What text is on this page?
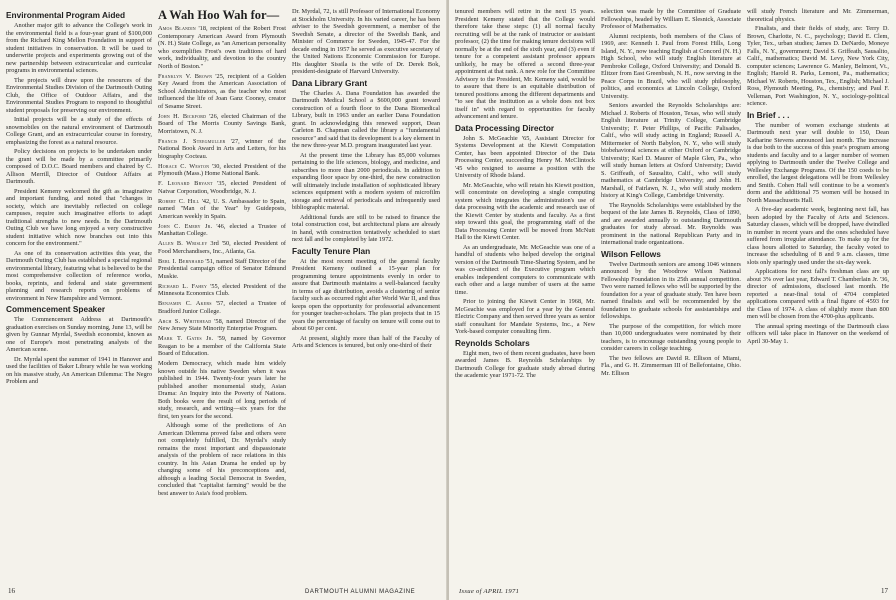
Environmental Program Aided

Another major gift to advance the College's work in the environmental field is a four-year grant of $100,000 from the Richard King Mellon Foundation in support of student initiatives in conservation. It will be used to underwrite projects and experiments growing out of the new partnership between extracurricular and curricular programs in environmental sciences.

The projects will draw upon the resources of the Environmental Studies Division of the Dartmouth Outing Club, the Office of Outdoor Affairs, and the Environmental Studies Program to respond to thoughtful student proposals for preserving our environment.

Initial projects will be a study of the effects of snowmobiles on the natural environment of Dartmouth College Grant, and an extracurricular course in forestry, emphasizing the forest as a natural resource.

Policy decisions on projects to be undertaken under the grant will be made by a committee primarily composed of D.O.C. Board members and chaired by C. Allison Merrill, Director of Outdoor Affairs at Dartmouth.

President Kemeny welcomed the gift as imaginative and important funding, and noted that "changes in society, which are inevitably reflected on college campuses, require such imaginative efforts to adapt traditional strengths to new needs. In the Dartmouth Outing Club we have long enjoyed a very constructive student initiative which now branches out into this concern for the environment."

As one of its conservation activities this year, the Dartmouth Outing Club has established a special regional environmental library, featuring what is believed to be the most comprehensive collection of reference works, books, reprints, and federal and state government planning and research reports on problems of environment in New Hampshire and Vermont.

Commencement Speaker

The Commencement Address at Dartmouth's graduation exercises on Sunday morning, June 13, will be given by Gunnar Myrdal, Swedish economist, known as one of Europe's most penetrating analysts of the American scene.

Dr. Myrdal spent the summer of 1941 in Hanover and used the facilities of Baker Library while he was working on his massive study, An American Dilemma: The Negro Problem and

A Wah Hoo Wah for—

Amos Blandin '18, recipient of the Robert Frost Contemporary American Award from Plymouth (N. H.) State College, as "an American personality who exemplifies Frost's own traditions of hard work, individuality, and devotion to the country North of Boston."

Franklyn V. Brown '25, recipient of a Golden Key Award from the American Association of School Administrators, as the teacher who most influenced the life of Joan Ganz Cooney, creator of Sesame Street.

John H. Bickford '26, elected Chairman of the Board of The Morris County Savings Bank, Morristown, N. J.

Francis J. Steegmuller '27, winner of the National Book Award in Arts and Letters, for his biography Cocteau.

Horace C. Weston '30, elected President of the Plymouth (Mass.) Home National Bank.

F. Leonard Bryant '35, elected President of Natvar Corporation, Woodbridge, N. J.

Robert C. Hill '42, U. S. Ambassador to Spain, named "Man of the Year" by Guideposts, American weekly in Spain.

John C. Emery Jr. '46, elected a Trustee of Manhattan College.

Allen B. Wrisley 3rd '50, elected President of Food Merchandisers, Inc., Atlanta, Ga.

Berl I. Bernhard '51, named Staff Director of the Presidential campaign office of Senator Edmund Muskie.

Richard L. Fahey '55, elected President of the Minnesota Economics Club.

Benjamin C. Akers '57, elected a Trustee of Bradford Junior College.

Arch S. Whitehead '58, named Director of the New Jersey State Minority Enterprise Program.

Mark T. Gates Jr. '59, named by Governor Reagan to be a member of the California State Board of Education.

Modern Democracy, which made him widely known outside his native Sweden when it was published in 1944. Twenty-four years later he published another monumental study, Asian Drama: An Inquiry into the Poverty of Nations. Both books were the result of long periods of study, research, and writing—six years for the first, ten years for the second.

Although some of the predictions of An American Dilemma proved false and others were not completely fulfilled, Dr. Myrdal's study remains the most important and dispassionate analysis of the problem of race relations in this country. In his Asian Drama he ended up by changing some of his preconceptions and, although a leading Social Democrat in Sweden, concluded that "capitalist farming" would be the best answer to Asia's food problem.

Dr. Myrdal, 72, is still Professor of International Economy at Stockholm University. In his varied career, he has been adviser to the Swedish government, a member of the Swedish Senate, a director of the Swedish Bank, and Minister of Commerce for Sweden, 1945-47. For the decade ending in 1957 he served as executive secretary of the United Nations Economic Commission for Europe. His daughter Sissila is the wife of Dr. Derek Bok, president-designate of Harvard University.

Dana Library Grant

The Charles A. Dana Foundation has awarded the Dartmouth Medical School a $600,000 grant toward construction of a fourth floor to the Dana Biomedical Library, built in 1963 under an earlier Dana Foundation grant. In acknowledging this renewed support, Dean Carleton B. Chapman called the library a "fundamental resource" and said that its development is a key element in the new three-year M.D. program inaugurated last year.

At the present time the Library has 85,000 volumes pertaining to the life sciences, biology, and medicine, and subscribes to more than 2000 periodicals. In addition to expanding floor space by one-third, the new construction will ultimately include installation of sophisticated library sciences equipment with a modern system of microfilm storage and retrieval of periodicals and infrequently used bibliographic material.

Additional funds are still to be raised to finance the total construction cost, but architectural plans are already in hand, with construction tentatively scheduled to start next fall and be completed by late 1972.

Faculty Tenure Plan

At the most recent meeting of the general faculty President Kemeny outlined a 15-year plan for programming tenure appointments evenly in order to assure that Dartmouth maintains a well-balanced faculty in terms of age distribution, avoids a clustering of senior faculty such as occurred right after World War II, and thus keeps open the opportunity for professorial advancement for younger teacher-scholars. The plan projects that in 15 years the percentage of faculty on tenure will come out to about 60 per cent.

At present, slightly more than half of the Faculty of Arts and Sciences is tenured, but only one-third of their

16	DARTMOUTH ALUMNI MAGAZINE

tenured members will retire in the next 15 years. President Kemeny stated that the College would therefore take these steps: (1) all normal faculty recruiting will be at the rank of instructor or assistant professor, (2) the time for making tenure decisions will normally be at the end of the sixth year, and (3) even if tenure for a competent assistant professor appears unlikely, he may be offered a second three-year appointment at that rank. A new role for the Committee Advisory to the President, Mr. Kemeny said, would be to assure that there is an equitable distribution of tenured positions among the different departments and "to see that the institution as a whole does not box itself in" with regard to opportunities for faculty advancement and tenure.

Data Processing Director

John S. McGeachie '65, Assistant Director for Systems Development at the Kiewit Computation Center, has been appointed Director of the Data Processing Center, succeeding Henry M. McClintock '45 who resigned to assume a position with the University of Rhode Island.

Mr. McGeachie, who will retain his Kiewit position, will concentrate on developing a single computing system which integrates the administration's use of data processing with the academic and research use of the Kiewit Center by students and faculty. As a first step toward this goal, the programming staff of the Data Processing Center will be moved from McNutt Hall to the Kiewit Center.

As an undergraduate, Mr. McGeachie was one of a handful of students who helped develop the original version of the Dartmouth Time-Sharing System, and he was co-architect of the Executive program which enables independent computers to communicate with each other and a large number of users at the same time.

Prior to joining the Kiewit Center in 1968, Mr. McGeachie was employed for a year by the General Electric Company and then served three years as senior staff consultant for Mandate Systems, Inc., a New York-based computer consulting firm.

Reynolds Scholars

Eight men, two of them recent graduates, have been awarded James B. Reynolds Scholarships by Dartmouth College for graduate study abroad during the academic year 1971-72. The

selection was made by the Committee of Graduate Fellowships, headed by William E. Slesnick, Associate Professor of Mathematics.

Alumni recipients, both members of the Class of 1969, are: Kenneth I. Paul from Forest Hills, Long Island, N. Y., now teaching English at Concord (N. H.) High School, who will study English literature at Pembroke College, Oxford University; and Donald B. Elitzer from East Greenbush, N. H., now serving in the Peace Corps in Brazil, who will study philosophy, politics, and economics at Lincoln College, Oxford University.

Seniors awarded the Reynolds Scholarships are: Michael J. Roberts of Houston, Texas, who will study English literature at Trinity College, Cambridge University; F. Peter Phillips, of Pacific Palisades, Calif., who will study acting in England; Russell A. Mittermeier of North Babylon, N. Y., who will study biobehavioral sciences at either Oxford or Cambridge University; Karl D. Maurer of Maple Glen, Pa., who will study human letters at Oxford University; David S. Griffeath, of Sausalito, Calif., who will study mathematics at Cambridge University; and John H. Marshall, of Fairlawn, N. J., who will study modern history at King's College, Cambridge University.

The Reynolds Scholarships were established by the bequest of the late James B. Reynolds, Class of 1890, and are awarded annually to outstanding Dartmouth graduates for study abroad. Mr. Reynolds was prominent in the national Republican Party and in international trade organizations.

Wilson Fellows

Twelve Dartmouth seniors are among 1046 winners announced by the Woodrow Wilson National Fellowship Foundation in its 25th annual competition. Two were named fellows who will be supported by the foundation for a year of graduate study. Ten have been named finalists and will be recommended by the foundation to graduate schools for assistantships and fellowships.

The purpose of the competition, for which more than 10,000 undergraduates were nominated by their teachers, is to encourage outstanding young people to consider careers in college teaching.

The two fellows are David R. Ellison of Miami, Fla., and G. H. Zimmerman III of Bellefontaine, Ohio. Mr. Ellison

will study French literature and Mr. Zimmerman, theoretical physics.

Finalists, and their fields of study, are: Terry D. Brown, Charlotte, N. C., psychology; David E. Clem, Tyler, Tex., urban studies; James D. DeNardo, Moneye Falls, N. Y., government; David S. Griffeath, Sausalito, Calif., mathematics; David M. Levy, New York City, computer sciences; Lawrence G. Manley, Belmont, Vt., English; Harold R. Parks, Lemont, Pa., mathematics; Michael W. Roberts, Houston, Tex., English; Michael J. Ross, Plymouth Meeting, Pa., chemistry; and Paul F. Velleman, Port Washington, N. Y., sociology-political science.

In Brief . . .

The number of women exchange students at Dartmouth next year will double to 150, Dean Katharine Stevens announced last month. The increase is due both to the success of this year's program among students and faculty and to a larger number of women applying to Dartmouth under the Twelve College and Wellesley Exchange Programs. Of the 150 coeds to be enrolled, the largest delegations will be from Wellesley and Smith. Cohen Hall will continue to be a women's dorm and the additional 75 women will be housed in North Massachusetts Hall.

A five-day academic week, beginning next fall, has been adopted by the Faculty of Arts and Sciences. Saturday classes, which will be dropped, have dwindled in number in recent years and the ones scheduled have suffered from irregular attendance. To make up for the class hours allotted to Saturday, the faculty voted to increase the scheduling of 8 and 9 a.m. classes, time slots only sparingly used under the six-day week.

Applications for next fall's freshman class are up about 3% over last year, Edward T. Chamberlain Jr. '36, director of admissions, disclosed last month. He reported a near-final total of 4704 completed applications compared with a final figure of 4593 for the Class of 1974. A class of slightly more than 800 men will be chosen from the 4700-plus applicants.

The annual spring meetings of the Dartmouth class officers will take place in Hanover on the weekend of April 30-May 1.

Issue of APRIL 1971	17
